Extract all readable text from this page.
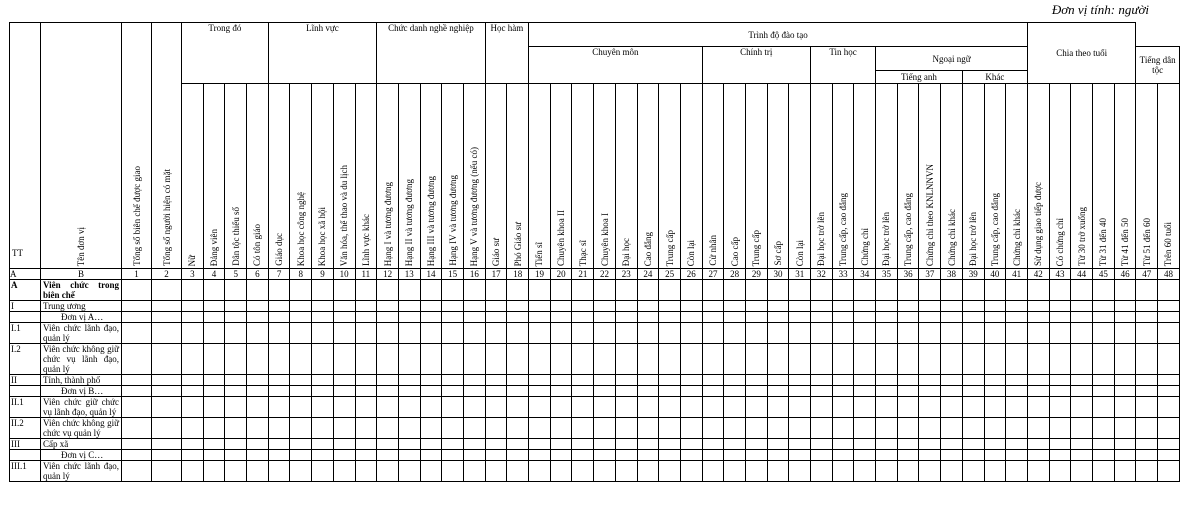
Đơn vị tính: người
TT	Tên đơn vị	Tổng số biên chế được giao	Tổng số người hiện có mặt	Trong đó				Lĩnh vực					Chức danh nghề nghiệp					Học hàm		Trình độ đào tạo																							Chia theo tuổi						
																				Chuyên môn								Chính trị					Tin học			Ngoại ngữ												Tiếng dân tộc	
																																				Tiếng anh				Khác									
				Nữ	Đảng viên	Dân tộc thiểu số	Có tôn giáo	Giáo dục	Khoa học công nghệ	Khoa học xã hội	Văn hóa, thể thao và du lịch	Lĩnh vực khác	Hạng I và tương đương	Hạng II và tương đương	Hạng III và tương đương	Hạng IV và tương đương	Hạng V và tương đương (nếu có)	Giáo sư	Phó Giáo sư	Tiến sĩ	Chuyên khoa II	Thạc sĩ	Chuyên khoa I	Đại học	Cao đẳng	Trung cấp	Còn lại	Cử nhân	Cao cấp	Trung cấp	Sơ cấp	Còn lại	Đại học trở lên	Trung cấp, cao đẳng	Chứng chỉ	Đại học trở lên	Trung cấp, cao đẳng	Chứng chỉ theo KNLNNVN	Chứng chỉ khác	Đại học trở lên	Trung cấp, cao đẳng	Chứng chỉ khác	Sử dụng giao tiếp được	Có chứng chỉ	Từ 30 trở xuống	Từ 31 đến 40	Từ 41 đến 50	Từ 51 đến 60	Trên 60 tuổi
A	B	1	2	3	4	5	6	7	8	9	10	11	12	13	14	15	16	17	18	19	20	21	22	23	24	25	26	27	28	29	30	31	32	33	34	35	36	37	38	39	40	41	42	43	44	45	46	47	48
A	Viên chức trong biên chế																																																
I	Trung ương																																																
	Đơn vị A…																																																
I.1	Viên chức lãnh đạo, quản lý																																																
I.2	Viên chức không giữ chức vụ lãnh đạo, quản lý																																																
II	Tỉnh, thành phố																																																
	Đơn vị B…																																																
II.1	Viên chức giữ chức vụ lãnh đạo, quản lý																																																
II.2	Viên chức không giữ chức vụ quản lý																																																
III	Cấp xã																																																
	Đơn vị C…																																																
III.1	Viên chức lãnh đạo, quản lý																																																
